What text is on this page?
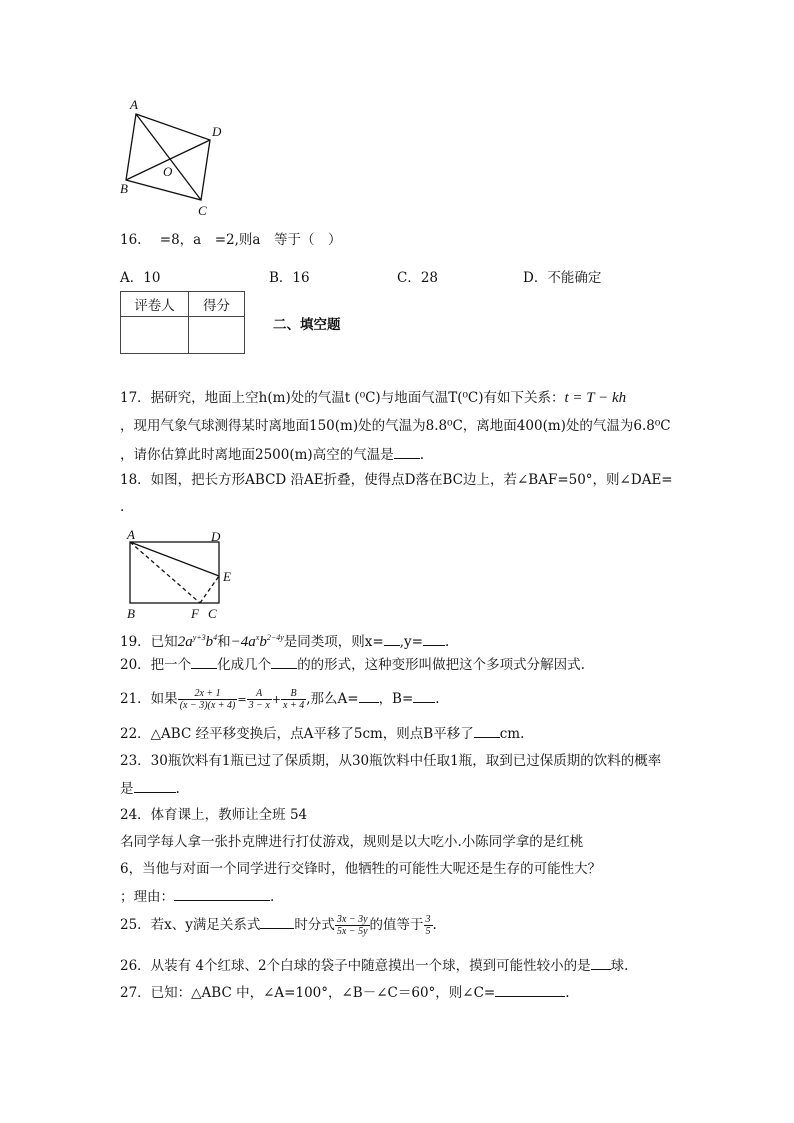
A
D
O
B
C
16. =8，a　=2,则a　等于（　）
A．10	B．16	C．28	D．不能确定
评卷人	得分

二、填空题
17．据研究，地面上空h(m)处的气温t (⁰C)与地面气温T(⁰C)有如下关系：t = T − kh
，现用气象气球测得某时离地面150(m)处的气温为8.8⁰C，离地面400(m)处的气温为6.8⁰C
，请你估算此时离地面2500(m)高空的气温是 .
18．如图，把长方形ABCD 沿AE折叠，使得点D落在BC边上，若∠BAF=50°，则∠DAE=
.
A	D
E
B	F C
19．已知$2a^{y+3}b^4$和$-4a^xb^{2-4y}$是同类项，则x= ,y= .
20．把一个 化成几个 的的形式，这种变形叫做把这个多项式分解因式.
21．如果 $\frac{2x + 1}{(x - 3)(x + 4)} = \frac{A}{3 - x} + \frac{B}{x + 4}$ ,那么A= ，B= .
22．△ABC 经平移变换后，点A平移了5cm，则点B平移了 cm.
23．30瓶饮料有1瓶已过了保质期，从30瓶饮料中任取1瓶，取到已过保质期的饮料的概率
是	.
24．体育课上，教师让全班 54
名同学每人拿一张扑克牌进行打仗游戏，规则是以大吃小.小陈同学拿的是红桃
6，当他与对面一个同学进行交锋时，他牺牲的可能性大呢还是生存的可能性大？
；理由：	.
25．若x、y满足关系式	时分式 $\frac{3x - 3y}{5x - 5y}$ 的值等于 $\frac{3}{5}$ .
26．从装有 4个红球、2个白球的袋子中随意摸出一个球，摸到可能性较小的是 球.
27．已知：△ABC 中，∠A=100°，∠B－∠C＝60°，则∠C=	.
